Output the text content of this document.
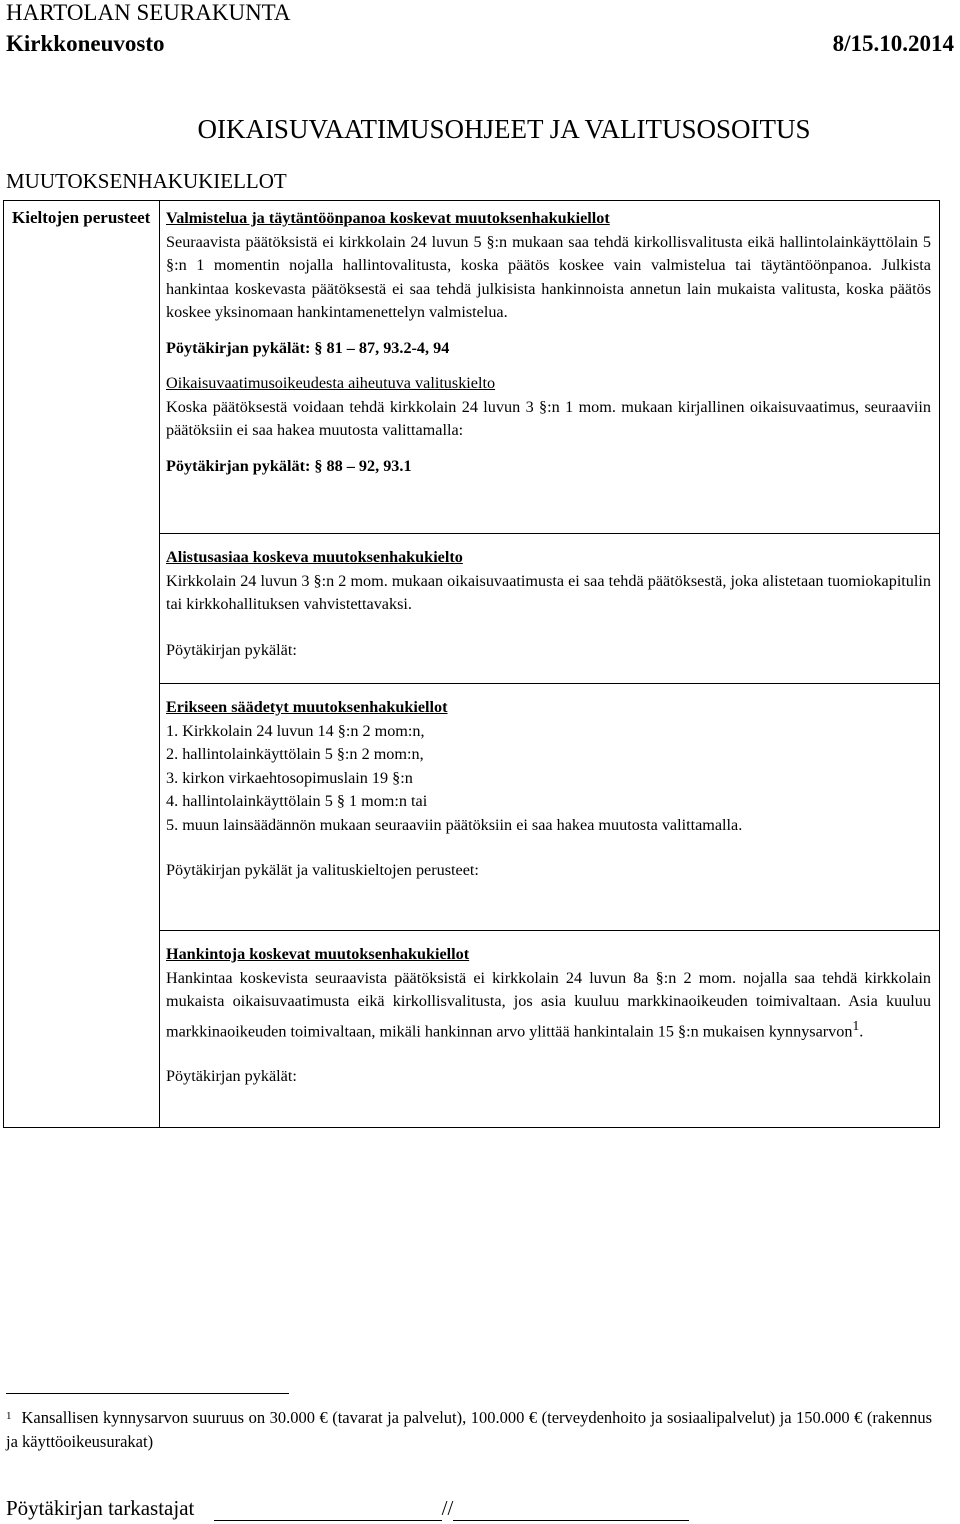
HARTOLAN SEURAKUNTA
Kirkkoneuvosto	8/15.10.2014
OIKAISUVAATIMUSOHJEET JA VALITUSOSOITUS
MUUTOKSENHAKUKIELLOT
Kieltojen perusteet	Valmistelua ja täytäntöönpanoa koskevat muutoksenhakukiellot

Seuraavista päätöksistä ei kirkkolain 24 luvun 5 §:n mukaan saa tehdä kirkollisvalitusta eikä hallintolainkäyttölain 5 §:n 1 momentin nojalla hallintovalitusta, koska päätös koskee vain valmistelua tai täytäntöönpanoa. Julkista hankintaa koskevasta päätöksestä ei saa tehdä julkisista hankinnoista annetun lain mukaista valitusta, koska päätös koskee yksinomaan hankintamenettelyn valmistelua.

Pöytäkirjan pykälät: § 81 – 87, 93.2-4, 94

Oikaisuvaatimusoikeudesta aiheutuva valituskielto

Koska päätöksestä voidaan tehdä kirkkolain 24 luvun 3 §:n 1 mom. mukaan kirjallinen oikaisuvaatimus, seuraaviin päätöksiin ei saa hakea muutosta valittamalla:

Pöytäkirjan pykälät: § 88 – 92, 93.1

Alistusasiaa koskeva muutoksenhakukielto

Kirkkolain 24 luvun 3 §:n 2 mom. mukaan oikaisuvaatimusta ei saa tehdä päätöksestä, joka alistetaan tuomiokapitulin tai kirkkohallituksen vahvistettavaksi.

Pöytäkirjan pykälät:

Erikseen säädetyt muutoksenhakukiellot
1. Kirkkolain 24 luvun 14 §:n 2 mom:n,
2. hallintolainkäyttölain 5 §:n 2 mom:n,
3. kirkon virkaehtosopimuslain 19 §:n
4. hallintolainkäyttölain 5 § 1 mom:n tai
5. muun lainsäädännön mukaan seuraaviin päätöksiin ei saa hakea muutosta valittamalla.

Pöytäkirjan pykälät ja valituskieltojen perusteet:

Hankintoja koskevat muutoksenhakukiellot

Hankintaa koskevista seuraavista päätöksistä ei kirkkolain 24 luvun 8a §:n 2 mom. nojalla saa tehdä kirkkolain mukaista oikaisuvaatimusta eikä kirkollisvalitusta, jos asia kuuluu markkinaoikeuden toimivaltaan. Asia kuuluu markkinaoikeuden toimivaltaan, mikäli hankinnan arvo ylittää hankintalain 15 §:n mukaisen kynnysarvon$^1$.

Pöytäkirjan pykälät:

$^1$ Kansallisen kynnysarvon suuruus on 30.000 € (tavarat ja palvelut), 100.000 € (terveydenhoito ja sosiaalipalvelut) ja 150.000 € (rakennus ja käyttöoikeusurakat)
Pöytäkirjan tarkastajat	//
